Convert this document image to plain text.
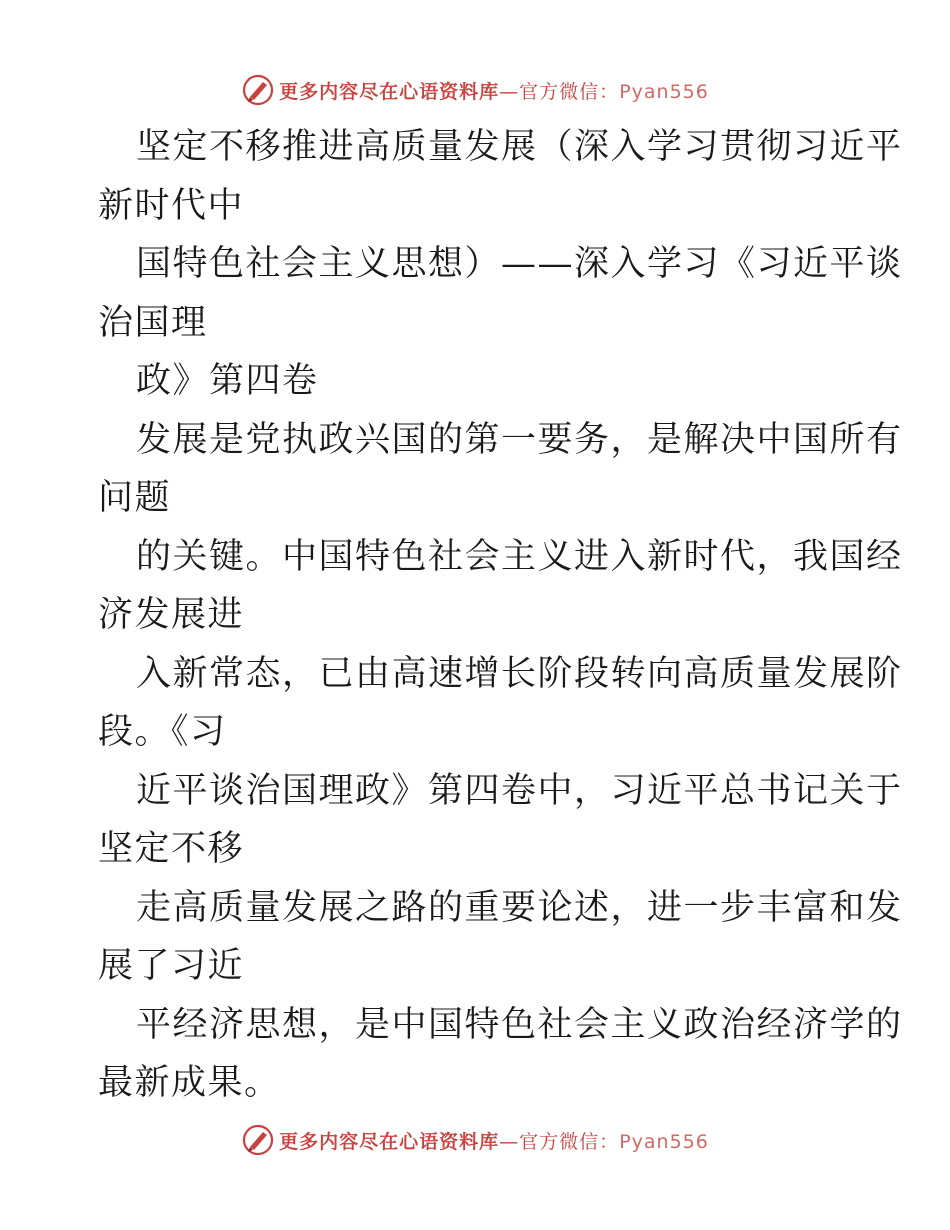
更多内容尽在心语资料库—官方微信：Pyan556
坚定不移推进高质量发展（深入学习贯彻习近平
新时代中
国特色社会主义思想）——深入学习《习近平谈
治国理
政》第四卷
发展是党执政兴国的第一要务，是解决中国所有
问题
的关键。中国特色社会主义进入新时代，我国经
济发展进
入新常态，已由高速增长阶段转向高质量发展阶
段。《习
近平谈治国理政》第四卷中，习近平总书记关于
坚定不移
走高质量发展之路的重要论述，进一步丰富和发
展了习近
平经济思想，是中国特色社会主义政治经济学的
最新成果。
更多内容尽在心语资料库—官方微信：Pyan556
